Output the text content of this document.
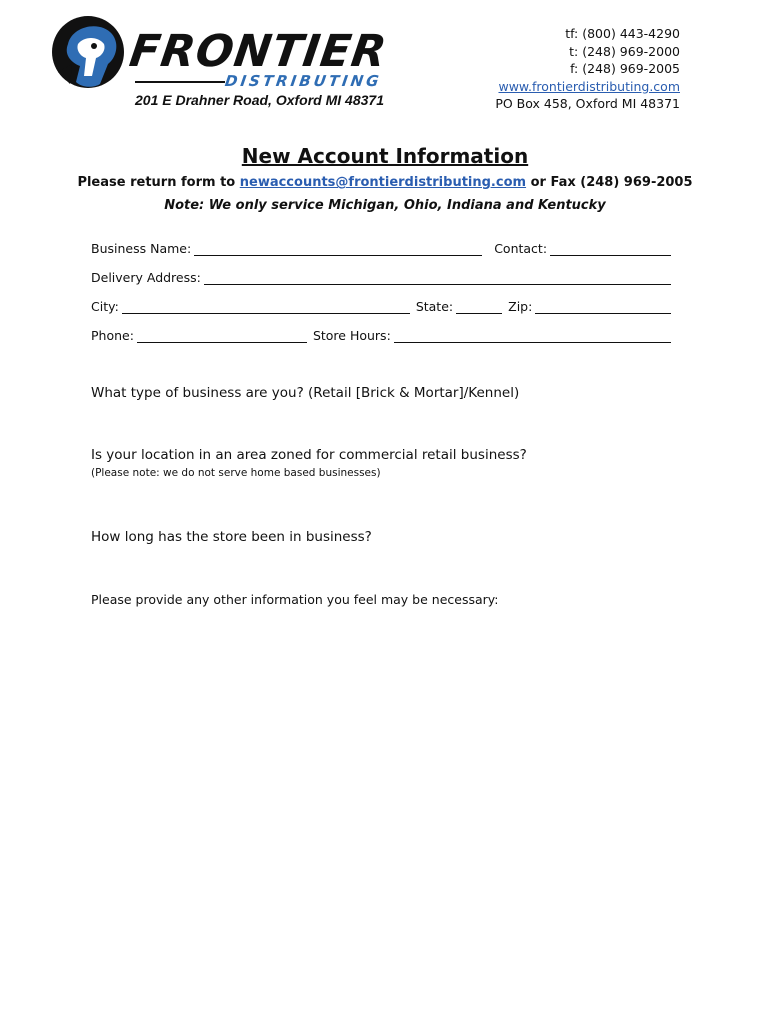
FRONTIER
DISTRIBUTING
201 E Drahner Road, Oxford MI 48371
tf: (800) 443-4290
t: (248) 969-2000
f: (248) 969-2005
www.frontierdistributing.com
PO Box 458, Oxford MI 48371
New Account Information
Please return form to newaccounts@frontierdistributing.com or Fax (248) 969-2005
Note: We only service Michigan, Ohio, Indiana and Kentucky
Business Name:	Contact:
Delivery Address:
City:	State:	Zip:
Phone:	Store Hours:
What type of business are you? (Retail [Brick & Mortar]/Kennel)
Is your location in an area zoned for commercial retail business?
(Please note: we do not serve home based businesses)
How long has the store been in business?
Please provide any other information you feel may be necessary:
